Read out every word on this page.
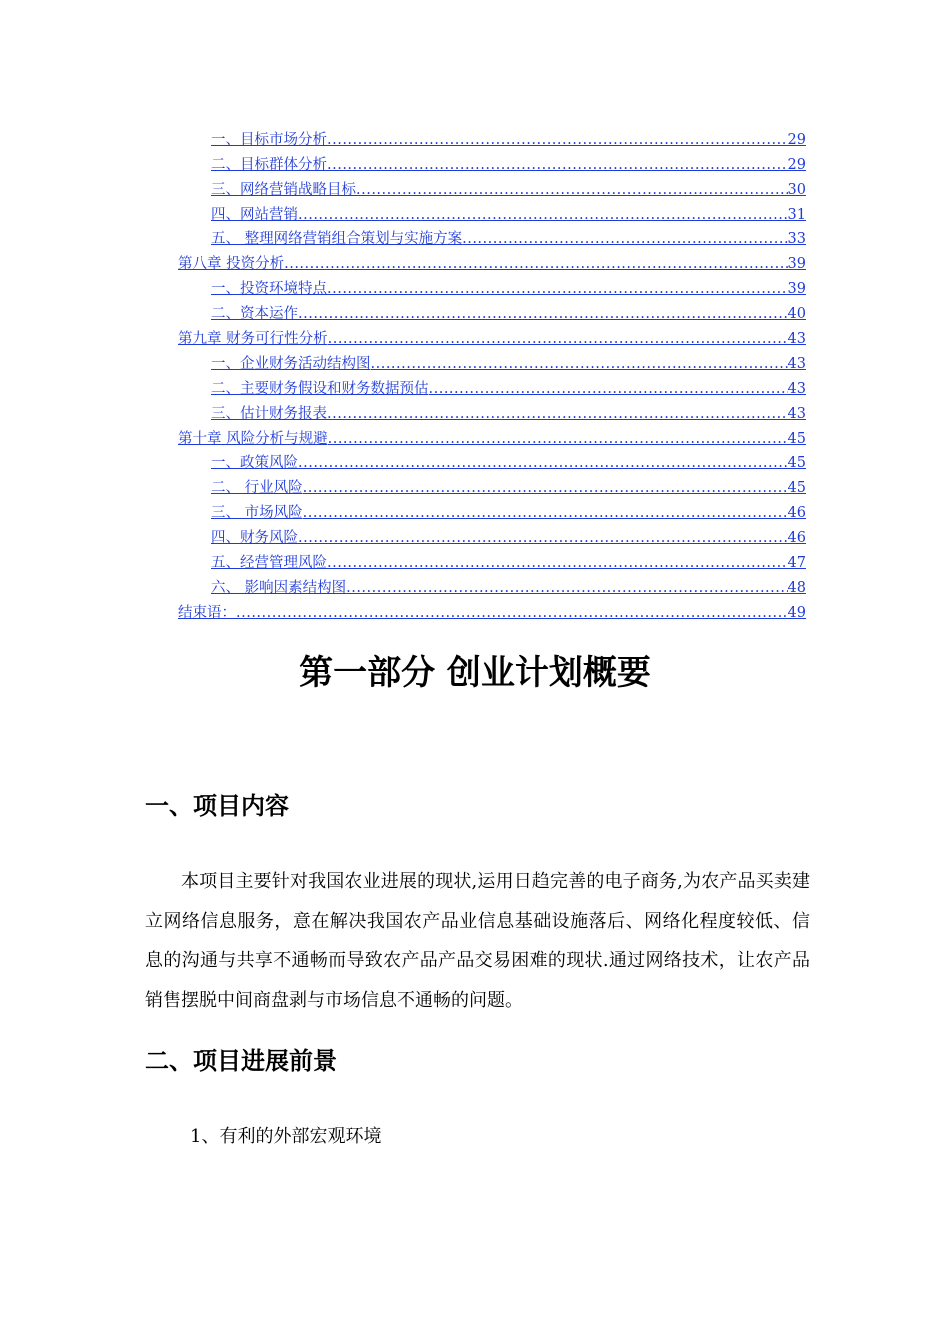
一、目标市场分析 .....	29
二、目标群体分析 .....	29
三、网络营销战略目标 .....	30
四、网站营销 .....	31
五、 整理网络营销组合策划与实施方案 .....	33
第八章 投资分析 .....	39
一、投资环境特点 .....	39
二、资本运作 .....	40
第九章 财务可行性分析 .....	43
一、企业财务活动结构图 .....	43
二、主要财务假设和财务数据预估 .....	43
三、估计财务报表 .....	43
第十章 风险分析与规避 .....	45
一、政策风险 .....	45
二、 行业风险 .....	45
三、 市场风险 .....	46
四、财务风险 .....	46
五、经营管理风险 .....	47
六、 影响因素结构图 .....	48
结束语： .....	49
第一部分 创业计划概要
一、项目内容

本项目主要针对我国农业进展的现状,运用日趋完善的电子商务,为农产品买卖建立网络信息服务，意在解决我国农产品业信息基础设施落后、网络化程度较低、信息的沟通与共享不通畅而导致农产品产品交易困难的现状.通过网络技术，让农产品销售摆脱中间商盘剥与市场信息不通畅的问题。

二、项目进展前景

1、有利的外部宏观环境
